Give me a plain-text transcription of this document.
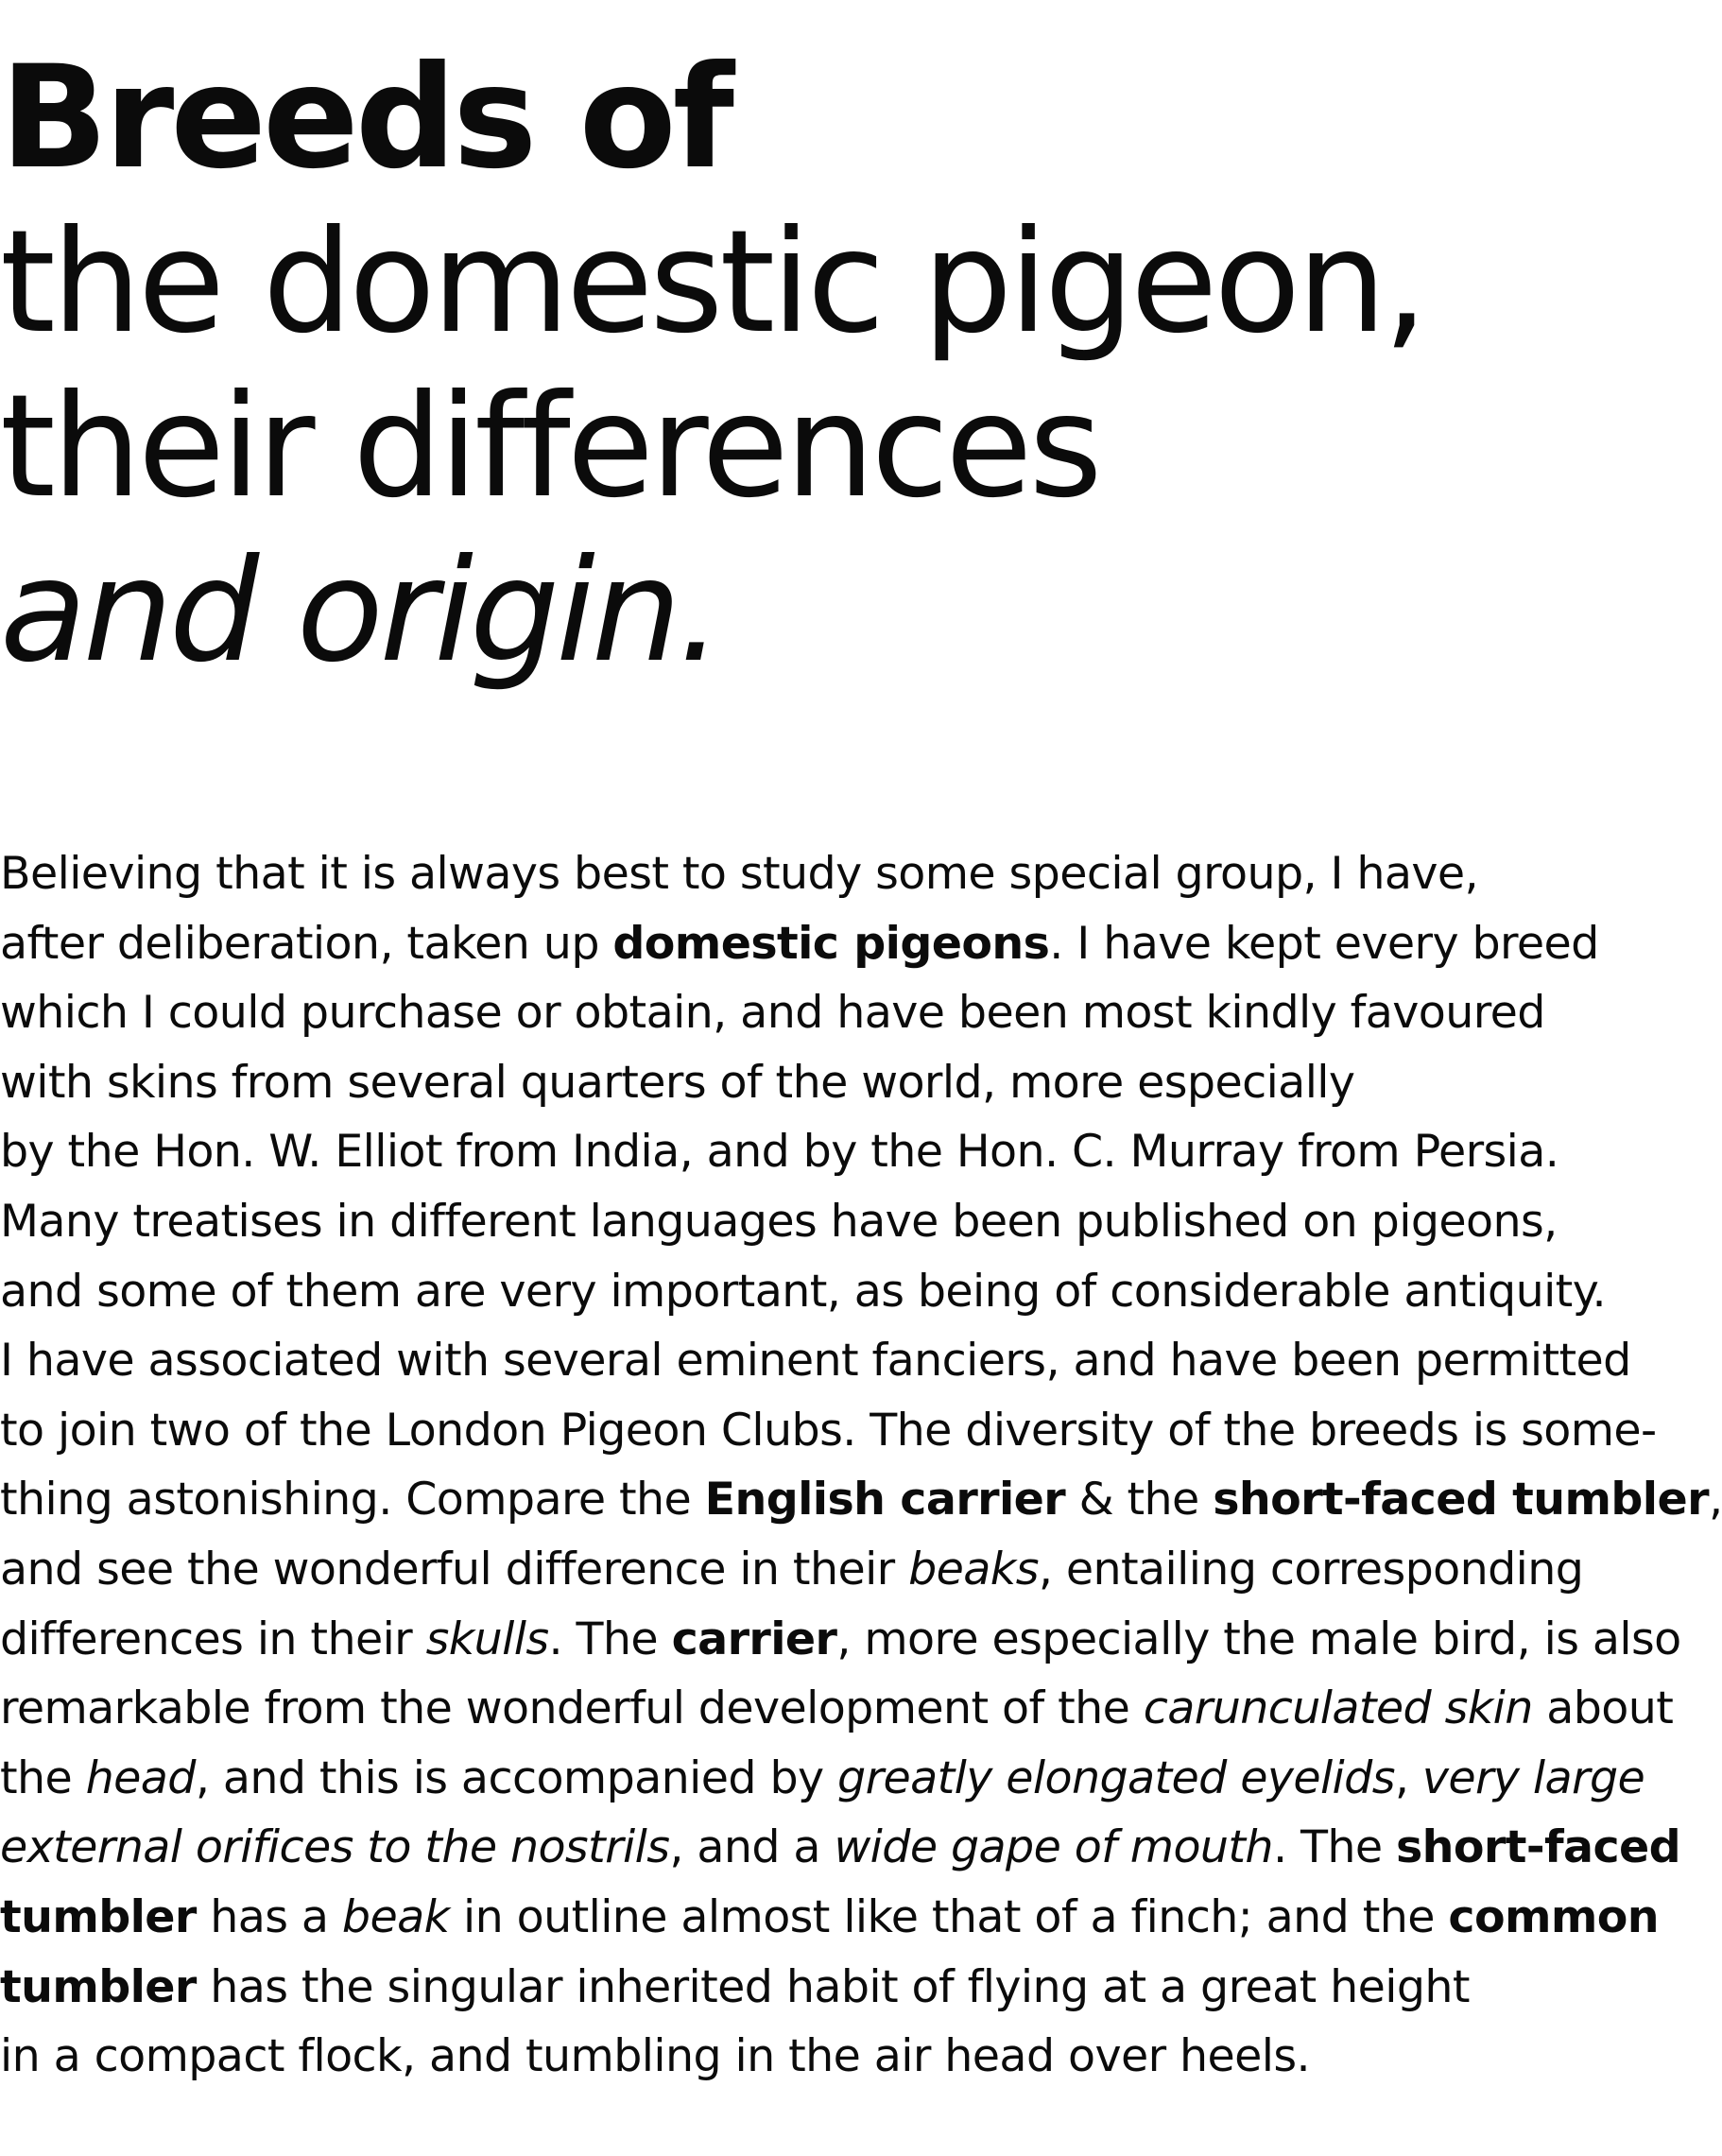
Breeds of
the domestic pigeon,
their differences
and origin.

Believing that it is always best to study some special group, I have,
after deliberation, taken up domestic pigeons. I have kept every breed
which I could purchase or obtain, and have been most kindly favoured
with skins from several quarters of the world, more especially
by the Hon. W. Elliot from India, and by the Hon. C. Murray from Persia.
Many treatises in different languages have been published on pigeons,
and some of them are very important, as being of considerable antiquity.
I have associated with several eminent fanciers, and have been permitted
to join two of the London Pigeon Clubs. The diversity of the breeds is some-
thing astonishing. Compare the English carrier & the short-faced tumbler,
and see the wonderful difference in their beaks, entailing corresponding
differences in their skulls. The carrier, more especially the male bird, is also
remarkable from the wonderful development of the carunculated skin about
the head, and this is accompanied by greatly elongated eyelids, very large
external orifices to the nostrils, and a wide gape of mouth. The short-faced
tumbler has a beak in outline almost like that of a finch; and the common
tumbler has the singular inherited habit of flying at a great height
in a compact flock, and tumbling in the air head over heels.
